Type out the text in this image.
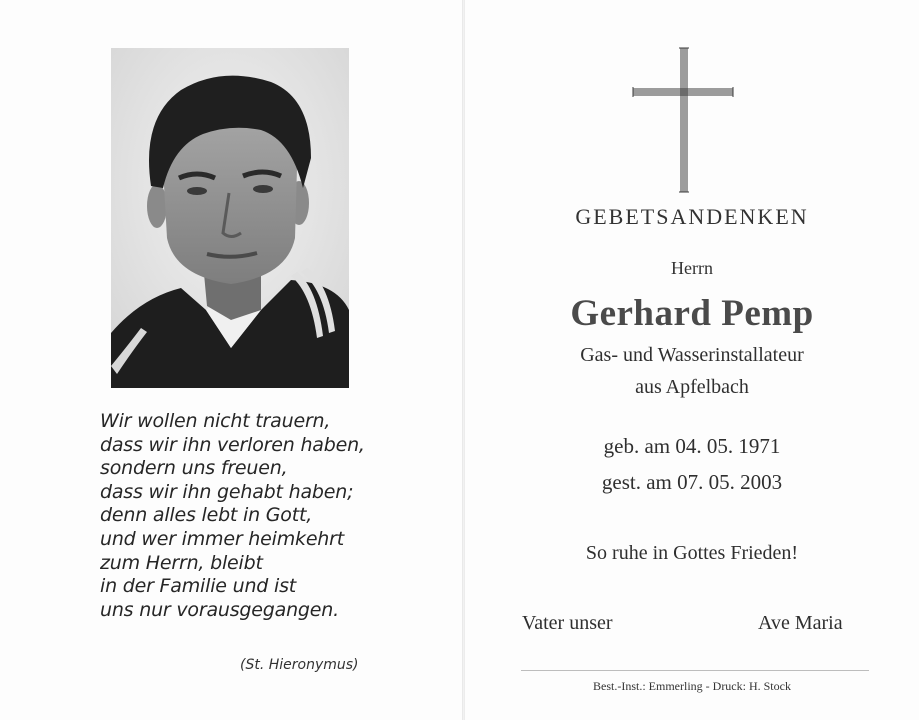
Wir wollen nicht trauern,
dass wir ihn verloren haben,
sondern uns freuen,
dass wir ihn gehabt haben;
denn alles lebt in Gott,
und wer immer heimkehrt
zum Herrn, bleibt
in der Familie und ist
uns nur vorausgegangen.
(St. Hieronymus)
GEBETSANDENKEN
Herrn
Gerhard Pemp
Gas- und Wasserinstallateur
aus Apfelbach
geb. am 04. 05. 1971
gest. am 07. 05. 2003
So ruhe in Gottes Frieden!
Vater unser	Ave Maria
Best.-Inst.: Emmerling - Druck: H. Stock
